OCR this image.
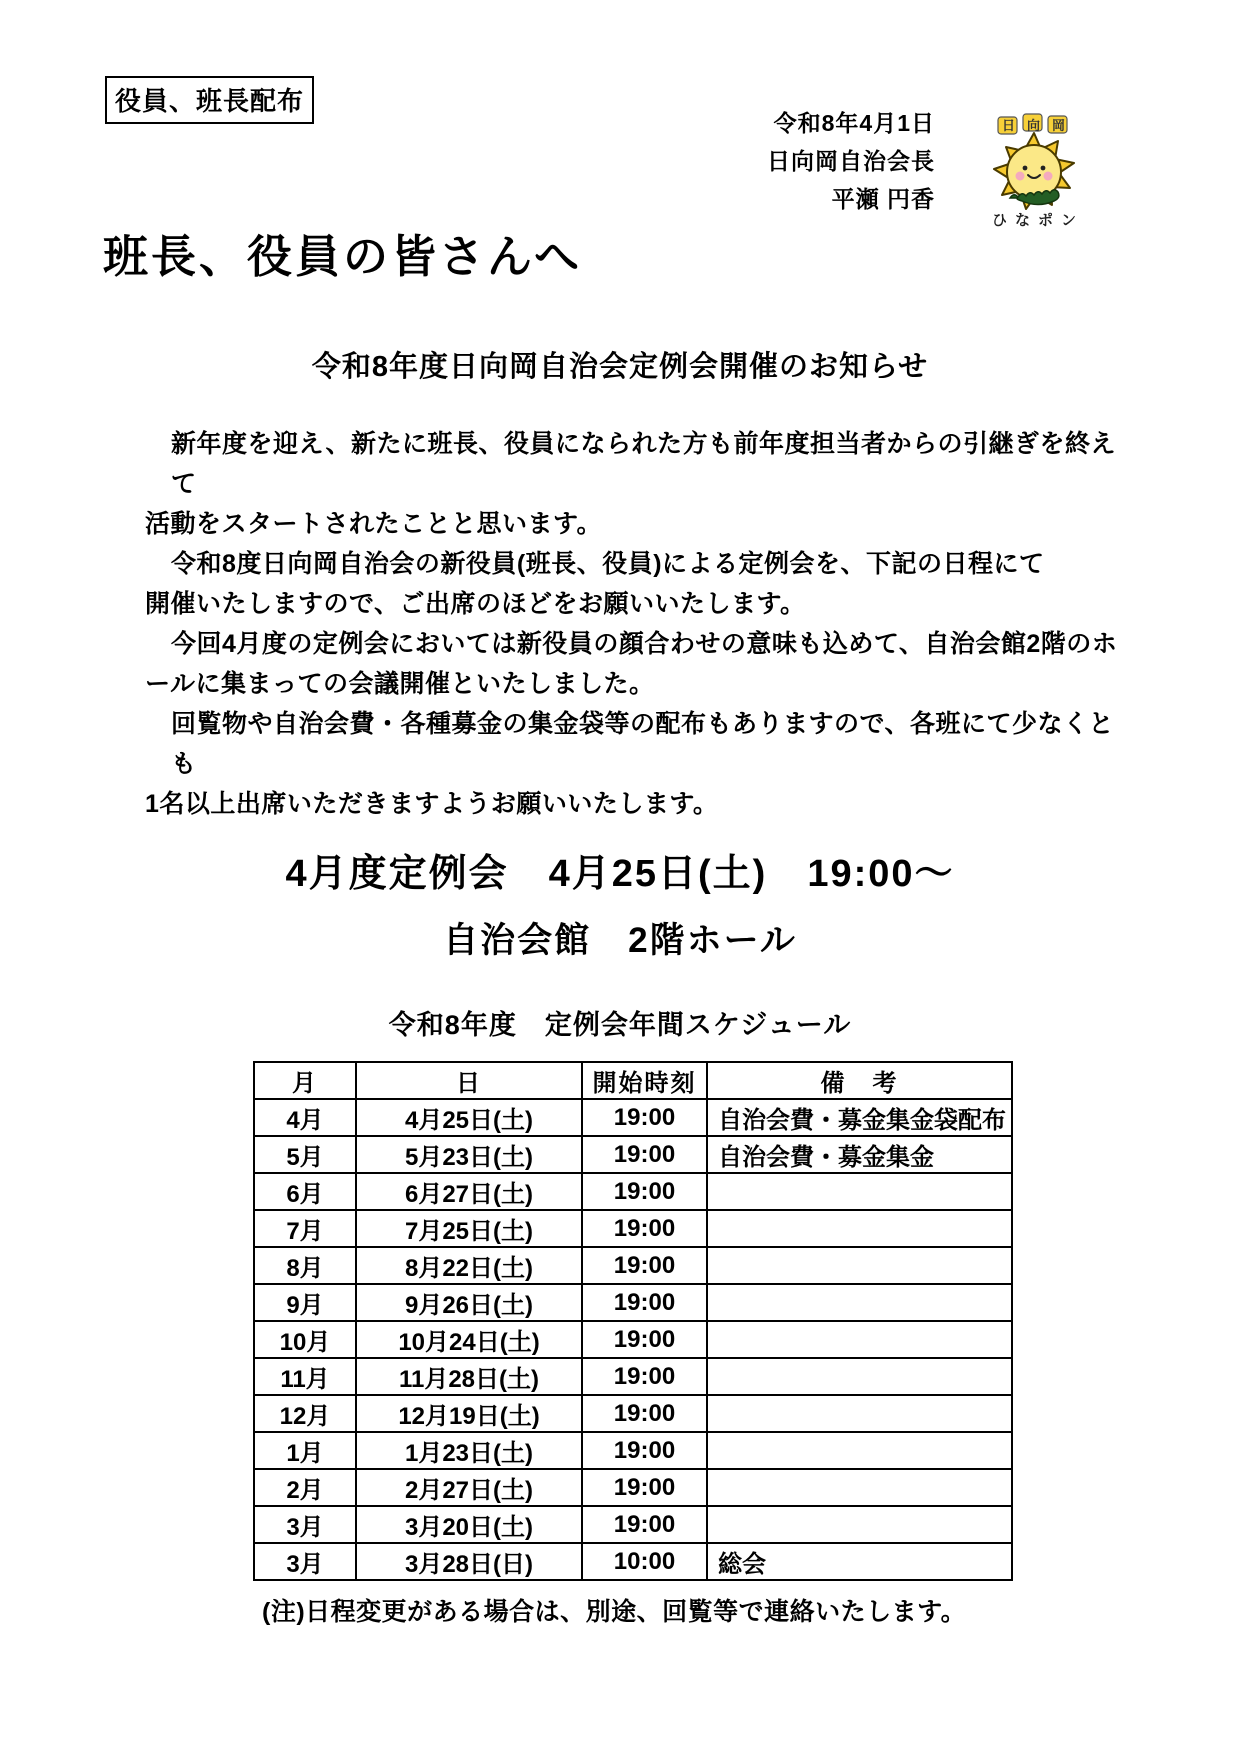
役員、班長配布
令和8年4月1日
日向岡自治会長
平瀬 円香
日向岡
ひなポン
班長、役員の皆さんへ
令和8年度日向岡自治会定例会開催のお知らせ
新年度を迎え、新たに班長、役員になられた方も前年度担当者からの引継ぎを終えて
活動をスタートされたことと思います。
令和8度日向岡自治会の新役員(班長、役員)による定例会を、下記の日程にて
開催いたしますので、ご出席のほどをお願いいたします。
今回4月度の定例会においては新役員の顔合わせの意味も込めて、自治会館2階のホ
ールに集まっての会議開催といたしました。
回覧物や自治会費・各種募金の集金袋等の配布もありますので、各班にて少なくとも
1名以上出席いただきますようお願いいたします。
4月度定例会　4月25日(土)　19:00～
自治会館　2階ホール
令和8年度　定例会年間スケジュール
月	日	開始時刻	備　考
4月	4月25日(土)	19:00	自治会費・募金集金袋配布
5月	5月23日(土)	19:00	自治会費・募金集金
6月	6月27日(土)	19:00	
7月	7月25日(土)	19:00	
8月	8月22日(土)	19:00	
9月	9月26日(土)	19:00	
10月	10月24日(土)	19:00	
11月	11月28日(土)	19:00	
12月	12月19日(土)	19:00	
1月	1月23日(土)	19:00	
2月	2月27日(土)	19:00	
3月	3月20日(土)	19:00	
3月	3月28日(日)	10:00	総会
(注)日程変更がある場合は、別途、回覧等で連絡いたします。
